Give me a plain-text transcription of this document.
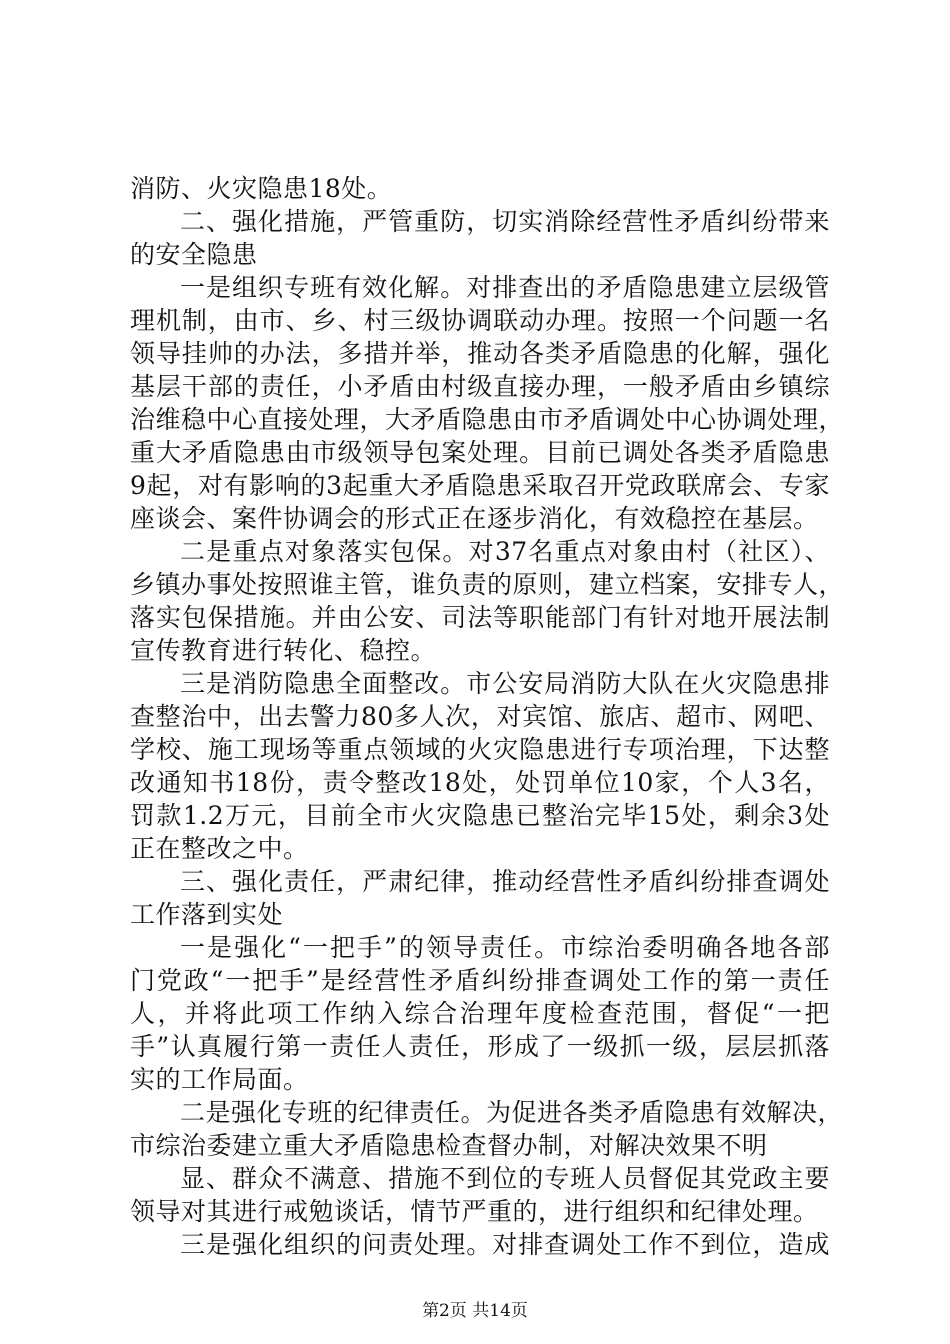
消防、火灾隐患18处。
二、强化措施，严管重防，切实消除经营性矛盾纠纷带来
的安全隐患
一是组织专班有效化解。对排查出的矛盾隐患建立层级管
理机制，由市、乡、村三级协调联动办理。按照一个问题一名
领导挂帅的办法，多措并举，推动各类矛盾隐患的化解，强化
基层干部的责任，小矛盾由村级直接办理，一般矛盾由乡镇综
治维稳中心直接处理，大矛盾隐患由市矛盾调处中心协调处理，
重大矛盾隐患由市级领导包案处理。目前已调处各类矛盾隐患
9起，对有影响的3起重大矛盾隐患采取召开党政联席会、专家
座谈会、案件协调会的形式正在逐步消化，有效稳控在基层。
二是重点对象落实包保。对37名重点对象由村（社区）、
乡镇办事处按照谁主管，谁负责的原则，建立档案，安排专人，
落实包保措施。并由公安、司法等职能部门有针对地开展法制
宣传教育进行转化、稳控。
三是消防隐患全面整改。市公安局消防大队在火灾隐患排
查整治中，出去警力80多人次，对宾馆、旅店、超市、网吧、
学校、施工现场等重点领域的火灾隐患进行专项治理，下达整
改通知书18份，责令整改18处，处罚单位10家，个人3名，
罚款1.2万元，目前全市火灾隐患已整治完毕15处，剩余3处
正在整改之中。
三、强化责任，严肃纪律，推动经营性矛盾纠纷排查调处
工作落到实处
一是强化“一把手”的领导责任。市综治委明确各地各部
门党政“一把手”是经营性矛盾纠纷排查调处工作的第一责任
人，并将此项工作纳入综合治理年度检查范围，督促“一把
手”认真履行第一责任人责任，形成了一级抓一级，层层抓落
实的工作局面。
二是强化专班的纪律责任。为促进各类矛盾隐患有效解决，
市综治委建立重大矛盾隐患检查督办制，对解决效果不明
显、群众不满意、措施不到位的专班人员督促其党政主要
领导对其进行戒勉谈话，情节严重的，进行组织和纪律处理。
三是强化组织的问责处理。对排查调处工作不到位，造成
第2页 共14页
